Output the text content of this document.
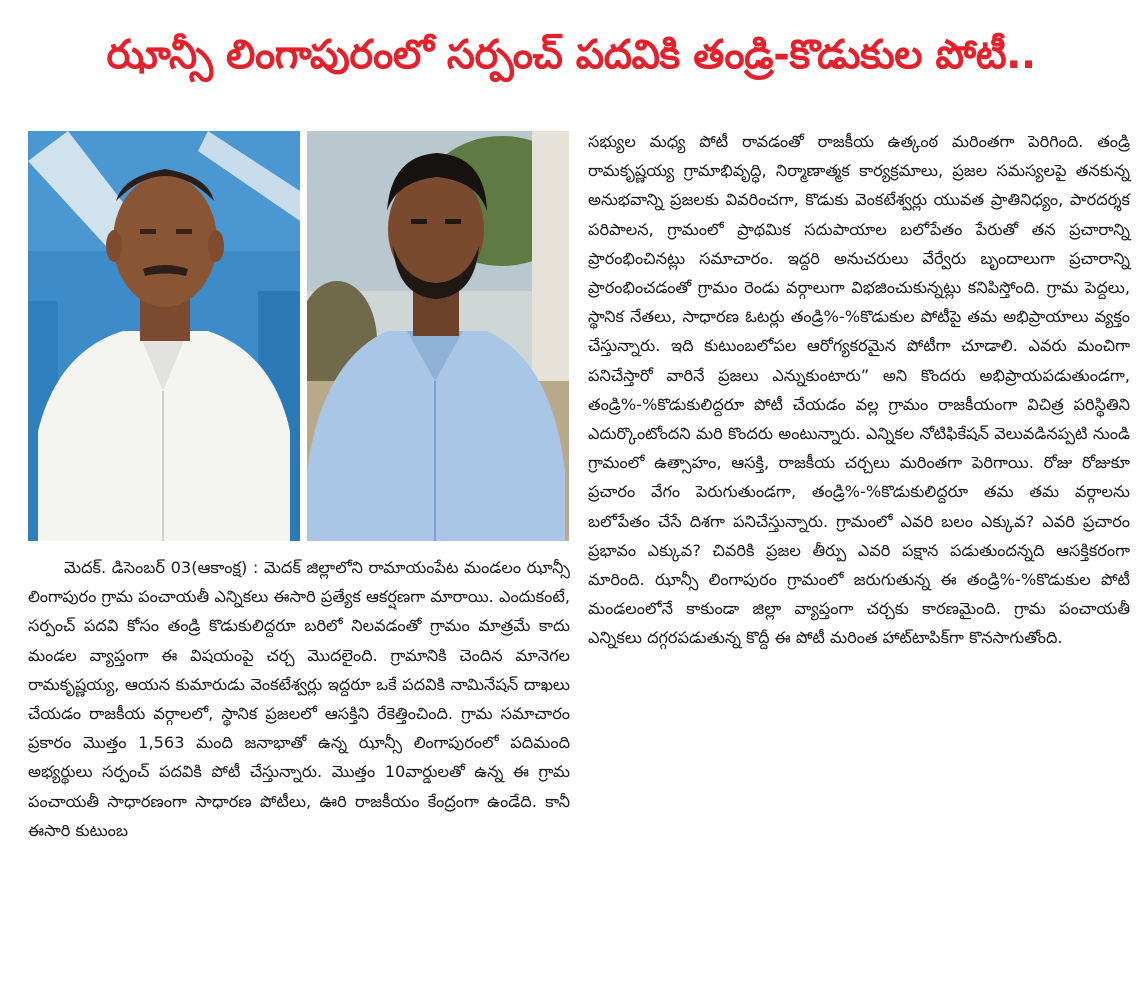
ఝాన్సీ లింగాపురంలో సర్పంచ్ పదవికి తండ్రి-కొడుకుల పోటీ..

మెదక్‌. డిసెంబర్‌ 03(ఆకాంక్ష) : మెదక్ జిల్లాలోని రామాయంపేట మండలం ఝాన్సీ లింగాపురం గ్రామ పంచాయతీ ఎన్నికలు ఈసారి ప్రత్యేక ఆకర్షణగా మారాయి. ఎందుకంటే, సర్పంచ్‌ పదవి కోసం తండ్రి కొడుకులిద్దరూ బరిలో నిలవడంతో గ్రామం మాత్రమే కాదు మండల వ్యాప్తంగా ఈ విషయంపై చర్చ మొదలైంది. గ్రామానికి చెందిన మానెగల రామకృష్ణయ్య, ఆయన కుమారుడు వెంకటేశ్వర్లు ఇద్దరూ ఒకే పదవికి నామినేషన్‌ దాఖలు చేయడం రాజకీయ వర్గాలలో, స్థానిక ప్రజలలో ఆసక్తిని రేకెత్తించింది. గ్రామ సమాచారం ప్రకారం మొత్తం 1,563 మంది జనాభాతో ఉన్న ఝాన్సీ లింగాపురంలో పదిమంది అభ్యర్థులు సర్పంచ్‌ పదవికి పోటీ చేస్తున్నారు. మొత్తం 10వార్డులతో ఉన్న ఈ గ్రామ పంచాయతీ సాధారణంగా సాధారణ పోటీలు, ఊరి రాజకీయం కేంద్రంగా ఉండేది. కానీ ఈసారి కుటుంబ

సభ్యుల మధ్య పోటీ రావడంతో రాజకీయ ఉత్కంఠ మరింతగా పెరిగింది. తండ్రి రామకృష్ణయ్య గ్రామాభివృద్ధి, నిర్మాణాత్మక కార్యక్రమాలు, ప్రజల సమస్యలపై తనకున్న అనుభవాన్ని ప్రజలకు వివరించగా, కొడుకు వెంకటేశ్వర్లు యువత ప్రాతినిధ్యం, పారదర్శక పరిపాలన, గ్రామంలో ప్రాథమిక సదుపాయాల బలోపేతం పేరుతో తన ప్రచారాన్ని ప్రారంభించినట్లు సమాచారం. ఇద్దరి అనుచరులు వేర్వేరు బృందాలుగా ప్రచారాన్ని ప్రారంభించడంతో గ్రామం రెండు వర్గాలుగా విభజించుకున్నట్లు కనిపిస్తోంది. గ్రామ పెద్దలు, స్థానిక నేతలు, సాధారణ ఓటర్లు తండ్రి%-%కొడుకుల పోటీపై తమ అభిప్రాయాలు వ్యక్తం చేస్తున్నారు. ఇది కుటుంబలోపల ఆరోగ్యకరమైన పోటీగా చూడాలి. ఎవరు మంచిగా పనిచేస్తారో వారినే ప్రజలు ఎన్నుకుంటారు” అని కొందరు అభిప్రాయపడుతుండగా, తండ్రి%-%కొడుకులిద్దరూ పోటీ చేయడం వల్ల గ్రామం రాజకీయంగా విచిత్ర పరిస్థితిని ఎదుర్కొంటోందని మరి కొందరు అంటున్నారు. ఎన్నికల నోటిఫికేషన్‌ వెలువడినప్పటి నుండి గ్రామంలో ఉత్సాహం, ఆసక్తి, రాజకీయ చర్చలు మరింతగా పెరిగాయి. రోజు రోజుకూ ప్రచారం వేగం పెరుగుతుండగా, తండ్రి%-%కొడుకులిద్దరూ తమ తమ వర్గాలను బలోపేతం చేసే దిశగా పనిచేస్తున్నారు. గ్రామంలో ఎవరి బలం ఎక్కువ? ఎవరి ప్రచారం ప్రభావం ఎక్కువ? చివరికి ప్రజల తీర్పు ఎవరి పక్షాన పడుతుందన్నది ఆసక్తికరంగా మారింది. ఝాన్సీ లింగాపురం గ్రామంలో జరుగుతున్న ఈ తండ్రి%-%కొడుకుల పోటీ మండలంలోనే కాకుండా జిల్లా వ్యాప్తంగా చర్చకు కారణమైంది. గ్రామ పంచాయతీ ఎన్నికలు దగ్గరపడుతున్న కొద్దీ ఈ పోటీ మరింత హాట్‌టాపిక్‌గా కొనసాగుతోంది.
